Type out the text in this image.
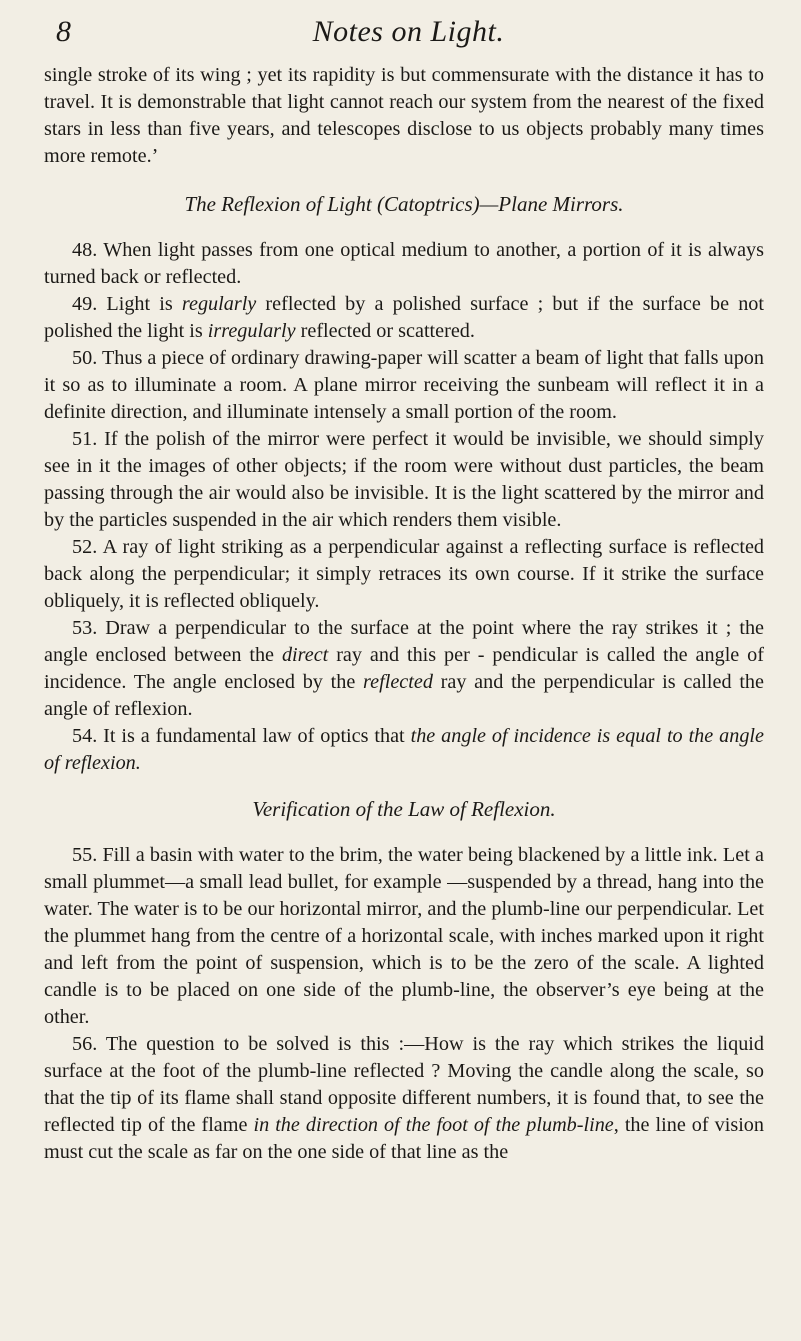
8	Notes on Light.

single stroke of its wing ; yet its rapidity is but commensurate with the distance it has to travel. It is demonstrable that light cannot reach our system from the nearest of the fixed stars in less than five years, and telescopes disclose to us objects probably many times more remote.’

The Reflexion of Light (Catoptrics)—Plane Mirrors.

48. When light passes from one optical medium to another, a portion of it is always turned back or reflected.

49. Light is regularly reflected by a polished surface ; but if the surface be not polished the light is irregularly reflected or scattered.

50. Thus a piece of ordinary drawing-paper will scatter a beam of light that falls upon it so as to illuminate a room. A plane mirror receiving the sunbeam will reflect it in a definite direction, and illuminate intensely a small portion of the room.

51. If the polish of the mirror were perfect it would be invisible, we should simply see in it the images of other objects; if the room were without dust particles, the beam passing through the air would also be invisible. It is the light scattered by the mirror and by the particles suspended in the air which renders them visible.

52. A ray of light striking as a perpendicular against a reflecting surface is reflected back along the perpendicular; it simply retraces its own course. If it strike the surface obliquely, it is reflected obliquely.

53. Draw a perpendicular to the surface at the point where the ray strikes it ; the angle enclosed between the direct ray and this per - pendicular is called the angle of incidence. The angle enclosed by the reflected ray and the perpendicular is called the angle of reflexion.

54. It is a fundamental law of optics that the angle of incidence is equal to the angle of reflexion.

Verification of the Law of Reflexion.

55. Fill a basin with water to the brim, the water being blackened by a little ink. Let a small plummet—a small lead bullet, for example —suspended by a thread, hang into the water. The water is to be our horizontal mirror, and the plumb-line our perpendicular. Let the plummet hang from the centre of a horizontal scale, with inches marked upon it right and left from the point of suspension, which is to be the zero of the scale. A lighted candle is to be placed on one side of the plumb-line, the observer’s eye being at the other.

56. The question to be solved is this :—How is the ray which strikes the liquid surface at the foot of the plumb-line reflected ? Moving the candle along the scale, so that the tip of its flame shall stand opposite different numbers, it is found that, to see the reflected tip of the flame in the direction of the foot of the plumb-line, the line of vision must cut the scale as far on the one side of that line as the
